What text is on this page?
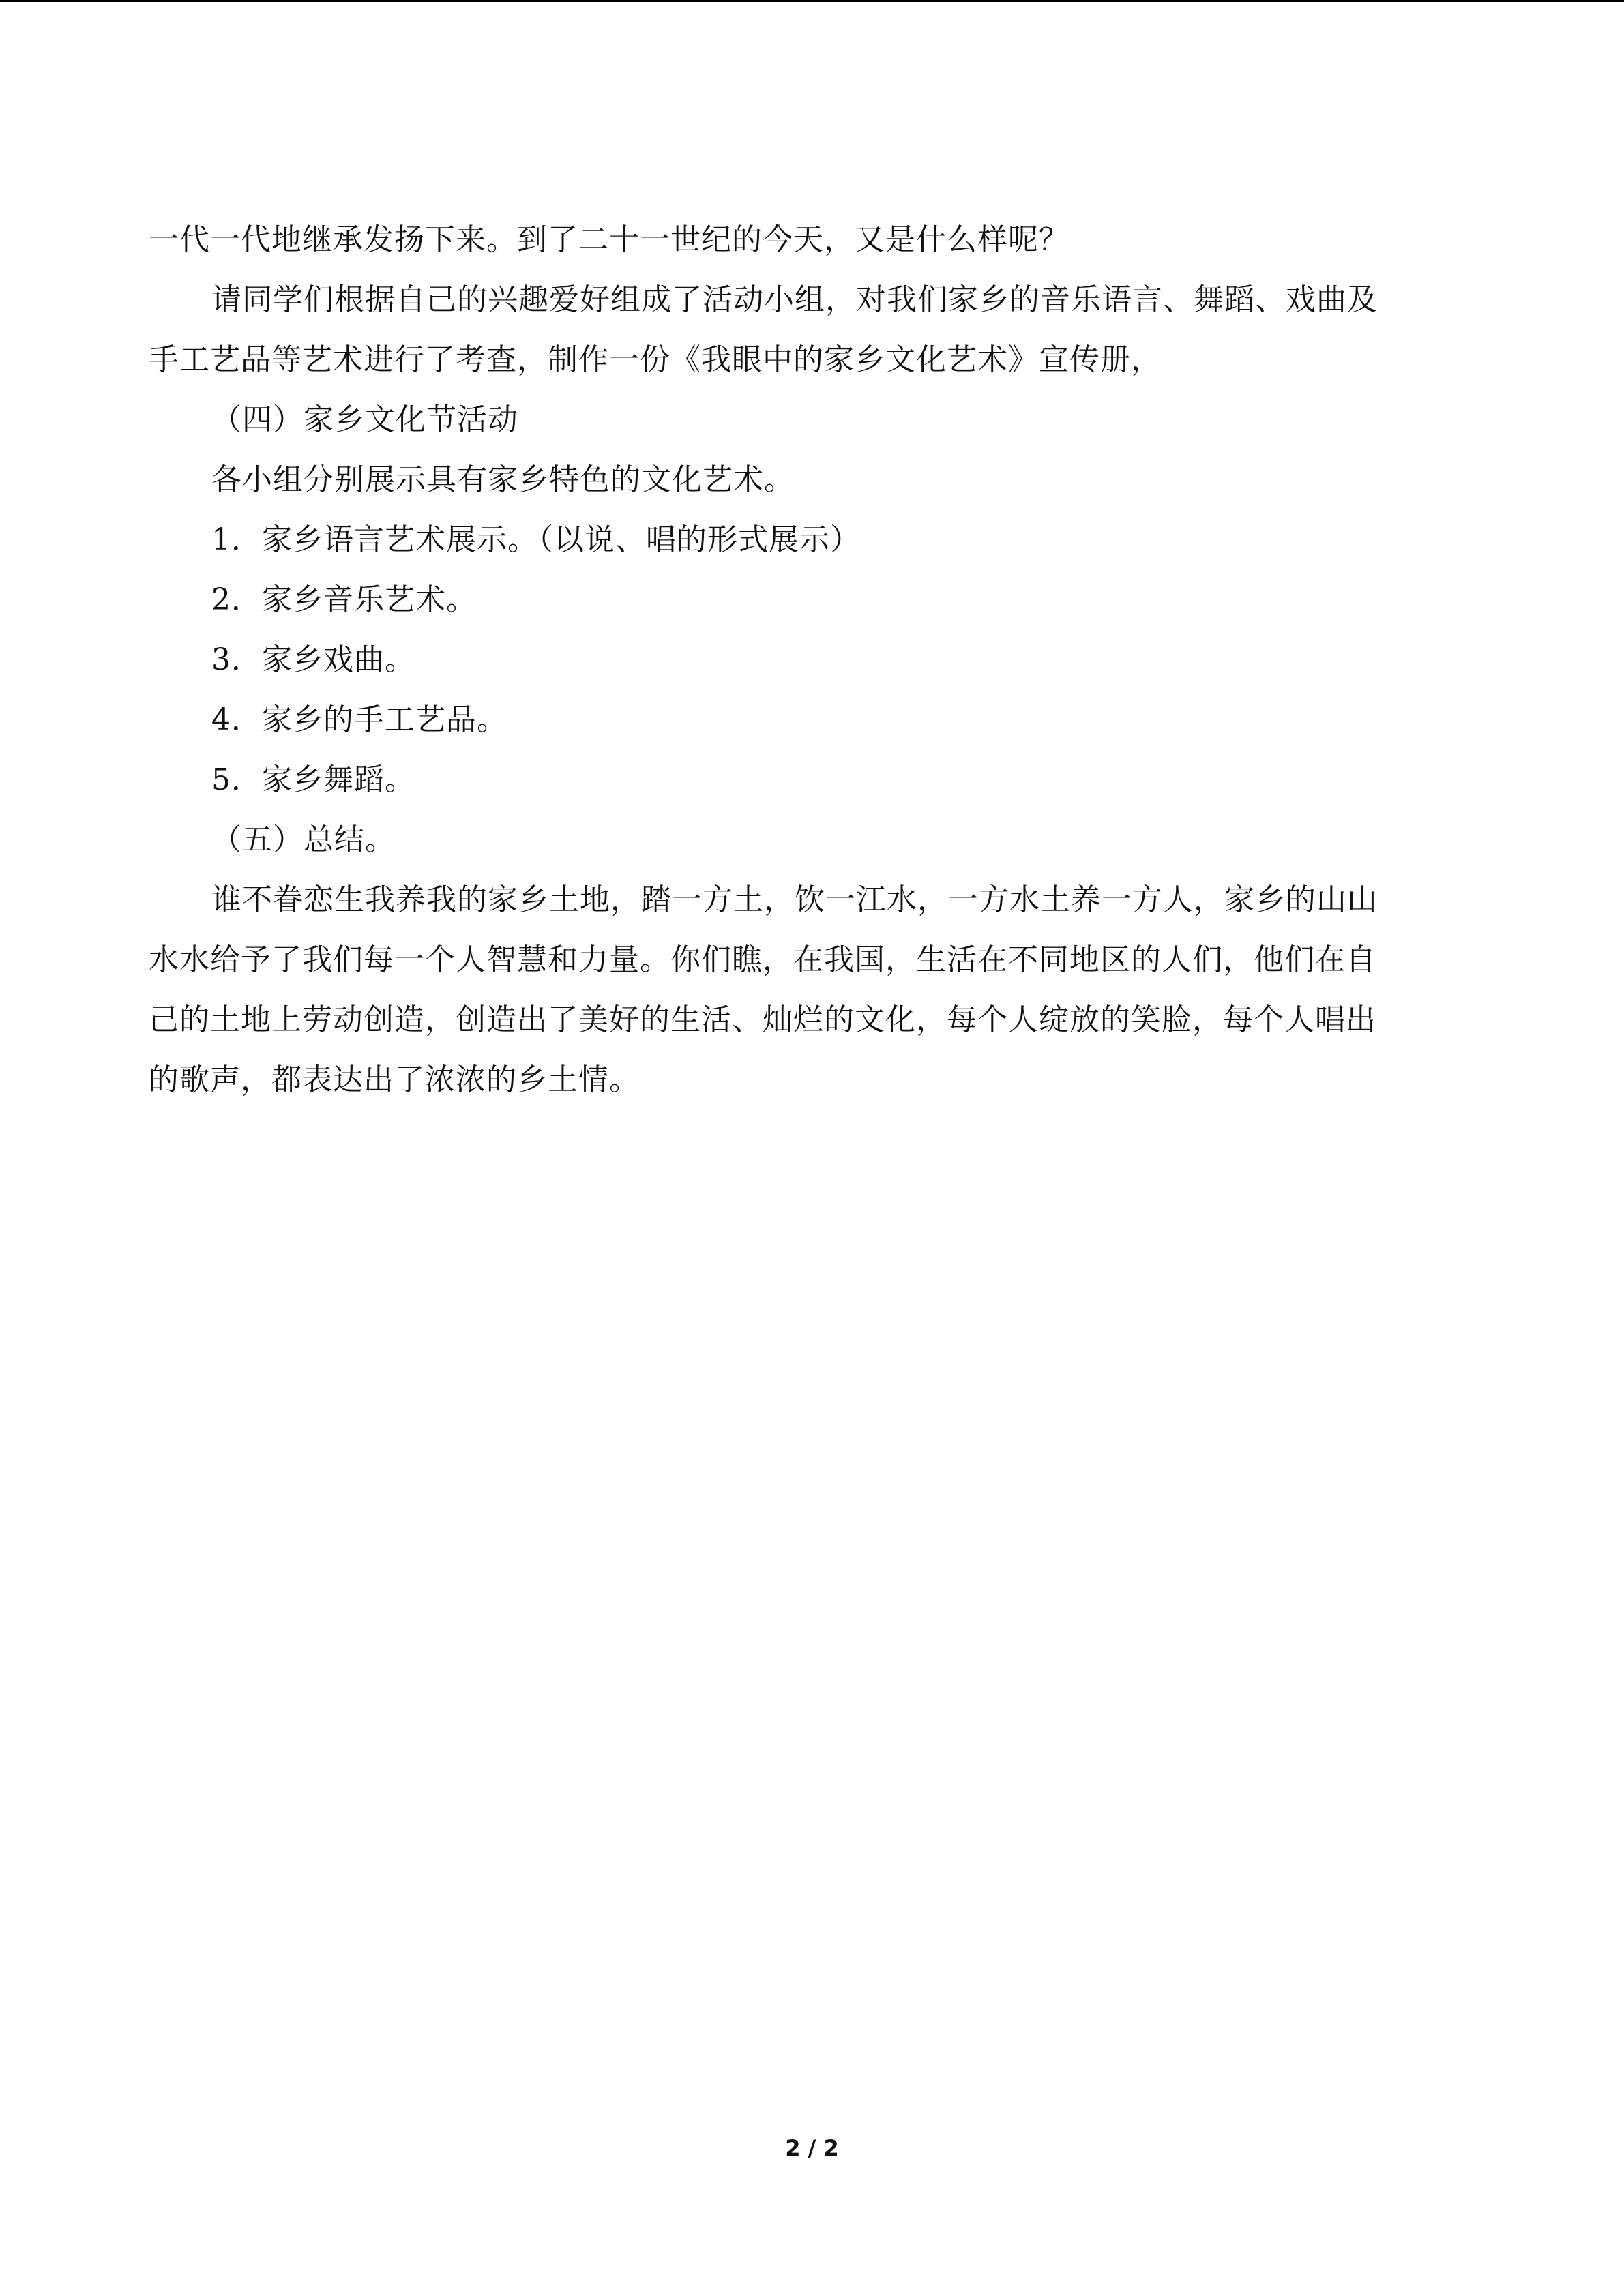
一代一代地继承发扬下来。到了二十一世纪的今天，又是什么样呢？
请同学们根据自己的兴趣爱好组成了活动小组，对我们家乡的音乐语言、舞蹈、戏曲及
手工艺品等艺术进行了考查，制作一份《我眼中的家乡文化艺术》宣传册，
（四）家乡文化节活动
各小组分别展示具有家乡特色的文化艺术。
1．家乡语言艺术展示。（以说、唱的形式展示）
2．家乡音乐艺术。
3．家乡戏曲。
4．家乡的手工艺品。
5．家乡舞蹈。
（五）总结。
谁不眷恋生我养我的家乡土地，踏一方土，饮一江水，一方水土养一方人，家乡的山山
水水给予了我们每一个人智慧和力量。你们瞧，在我国，生活在不同地区的人们，他们在自
己的土地上劳动创造，创造出了美好的生活、灿烂的文化，每个人绽放的笑脸，每个人唱出
的歌声，都表达出了浓浓的乡土情。
2 / 2
